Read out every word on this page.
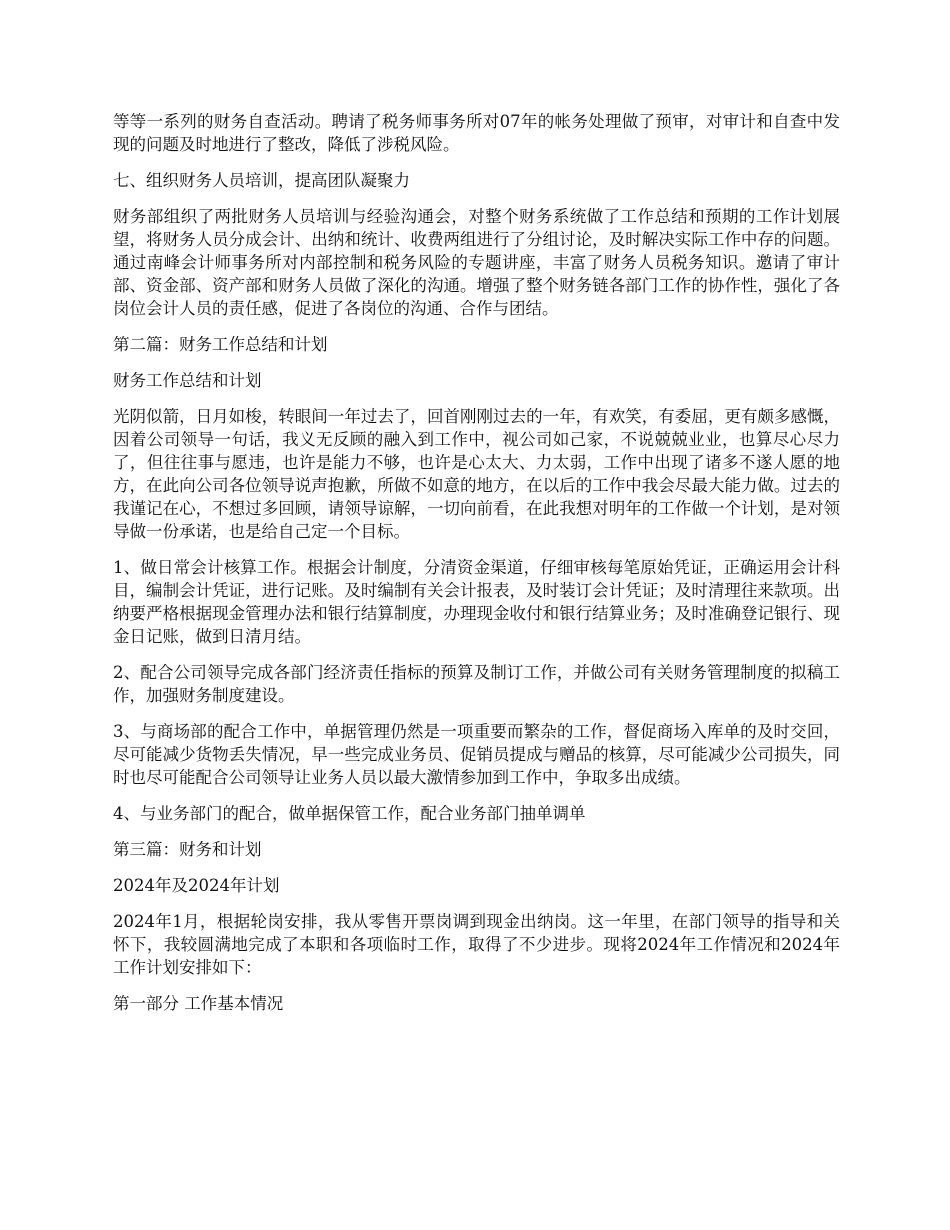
等等一系列的财务自查活动。聘请了税务师事务所对07年的帐务处理做了预审，对审计和自查中发现的问题及时地进行了整改，降低了涉税风险。

七、组织财务人员培训，提高团队凝聚力

财务部组织了两批财务人员培训与经验沟通会，对整个财务系统做了工作总结和预期的工作计划展望，将财务人员分成会计、出纳和统计、收费两组进行了分组讨论，及时解决实际工作中存的问题。通过南峰会计师事务所对内部控制和税务风险的专题讲座，丰富了财务人员税务知识。邀请了审计部、资金部、资产部和财务人员做了深化的沟通。增强了整个财务链各部门工作的协作性，强化了各岗位会计人员的责任感，促进了各岗位的沟通、合作与团结。

第二篇：财务工作总结和计划

财务工作总结和计划

光阴似箭，日月如梭，转眼间一年过去了，回首刚刚过去的一年，有欢笑，有委屈，更有颇多感慨，因着公司领导一句话，我义无反顾的融入到工作中，视公司如己家，不说兢兢业业，也算尽心尽力了，但往往事与愿违，也许是能力不够，也许是心太大、力太弱，工作中出现了诸多不遂人愿的地方，在此向公司各位领导说声抱歉，所做不如意的地方，在以后的工作中我会尽最大能力做。过去的我谨记在心，不想过多回顾，请领导谅解，一切向前看，在此我想对明年的工作做一个计划，是对领导做一份承诺，也是给自己定一个目标。

1、做日常会计核算工作。根据会计制度，分清资金渠道，仔细审核每笔原始凭证，正确运用会计科目，编制会计凭证，进行记账。及时编制有关会计报表，及时装订会计凭证；及时清理往来款项。出纳要严格根据现金管理办法和银行结算制度，办理现金收付和银行结算业务；及时准确登记银行、现金日记账，做到日清月结。

2、配合公司领导完成各部门经济责任指标的预算及制订工作，并做公司有关财务管理制度的拟稿工作，加强财务制度建设。

3、与商场部的配合工作中，单据管理仍然是一项重要而繁杂的工作，督促商场入库单的及时交回，尽可能减少货物丢失情况，早一些完成业务员、促销员提成与赠品的核算，尽可能减少公司损失，同时也尽可能配合公司领导让业务人员以最大激情参加到工作中，争取多出成绩。

4、与业务部门的配合，做单据保管工作，配合业务部门抽单调单

第三篇：财务和计划

2024年及2024年计划

2024年1月，根据轮岗安排，我从零售开票岗调到现金出纳岗。这一年里，在部门领导的指导和关怀下，我较圆满地完成了本职和各项临时工作，取得了不少进步。现将2024年工作情况和2024年工作计划安排如下：

第一部分 工作基本情况
